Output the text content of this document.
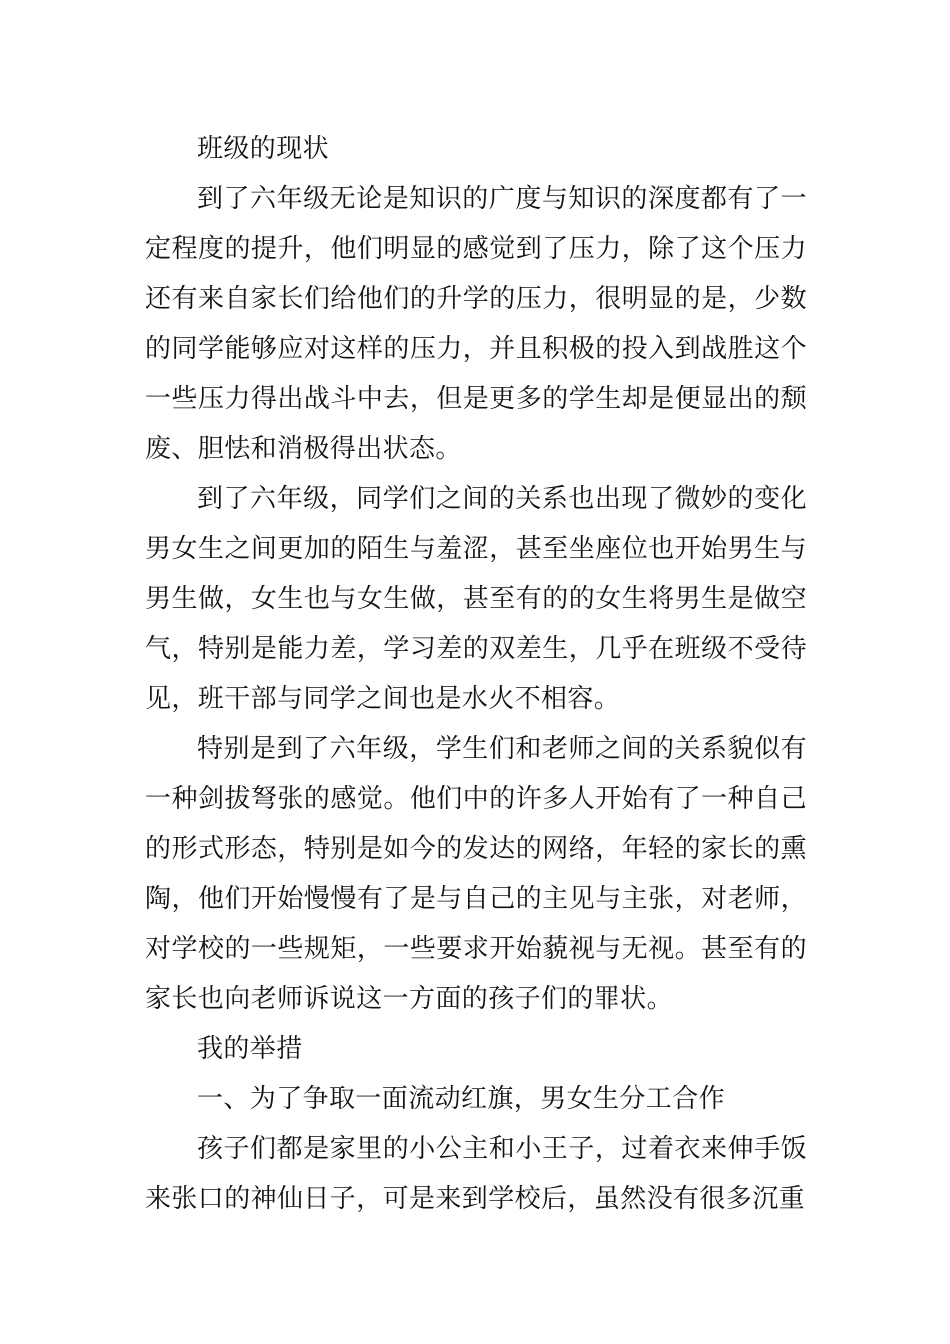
班级的现状

到了六年级无论是知识的广度与知识的深度都有了一定程度的提升，他们明显的感觉到了压力，除了这个压力还有来自家长们给他们的升学的压力，很明显的是，少数的同学能够应对这样的压力，并且积极的投入到战胜这个一些压力得出战斗中去，但是更多的学生却是便显出的颓废、胆怯和消极得出状态。

到了六年级，同学们之间的关系也出现了微妙的变化男女生之间更加的陌生与羞涩，甚至坐座位也开始男生与男生做，女生也与女生做，甚至有的的女生将男生是做空气，特别是能力差，学习差的双差生，几乎在班级不受待见，班干部与同学之间也是水火不相容。

特别是到了六年级，学生们和老师之间的关系貌似有一种剑拔弩张的感觉。他们中的许多人开始有了一种自己的形式形态，特别是如今的发达的网络，年轻的家长的熏陶，他们开始慢慢有了是与自己的主见与主张，对老师，对学校的一些规矩，一些要求开始藐视与无视。甚至有的家长也向老师诉说这一方面的孩子们的罪状。

我的举措

一、为了争取一面流动红旗，男女生分工合作

孩子们都是家里的小公主和小王子，过着衣来伸手饭来张口的神仙日子，可是来到学校后，虽然没有很多沉重
